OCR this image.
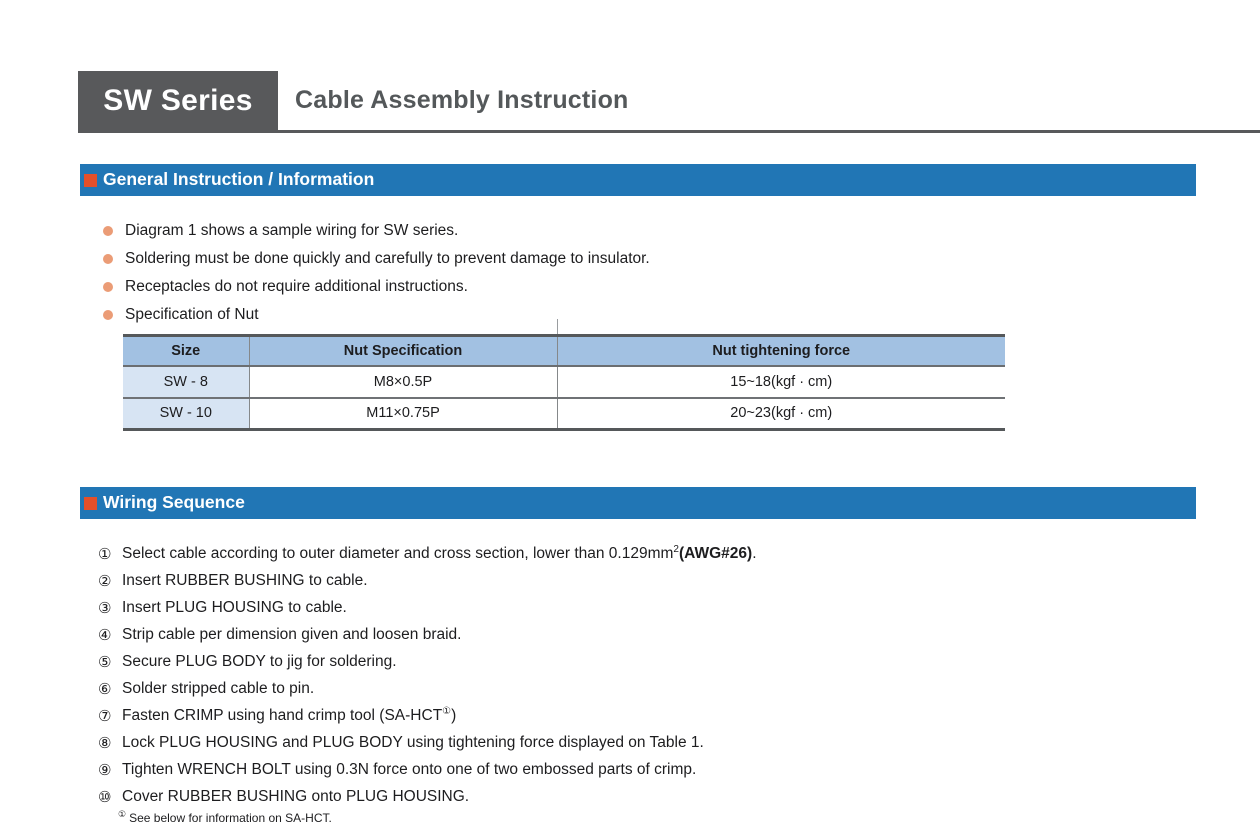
SW Series Cable Assembly Instruction
General Instruction / Information
Diagram 1 shows a sample wiring for SW series.
Soldering must be done quickly and carefully to prevent damage to insulator.
Receptacles do not require additional instructions.
Specification of Nut
Size	Nut Specification	Nut tightening force
SW - 8	M8×0.5P	15~18(kgf · cm)
SW - 10	M11×0.75P	20~23(kgf · cm)
Wiring Sequence
① Select cable according to outer diameter and cross section, lower than $0.129mm^2(AWG\#26)$.
② Insert RUBBER BUSHING to cable.
③ Insert PLUG HOUSING to cable.
④ Strip cable per dimension given and loosen braid.
⑤ Secure PLUG BODY to jig for soldering.
⑥ Solder stripped cable to pin.
⑦ Fasten CRIMP using hand crimp tool (SA-HCT①)
⑧ Lock PLUG HOUSING and PLUG BODY using tightening force displayed on Table 1.
⑨ Tighten WRENCH BOLT using 0.3N force onto one of two embossed parts of crimp.
⑩ Cover RUBBER BUSHING onto PLUG HOUSING.
① See below for information on SA-HCT.
